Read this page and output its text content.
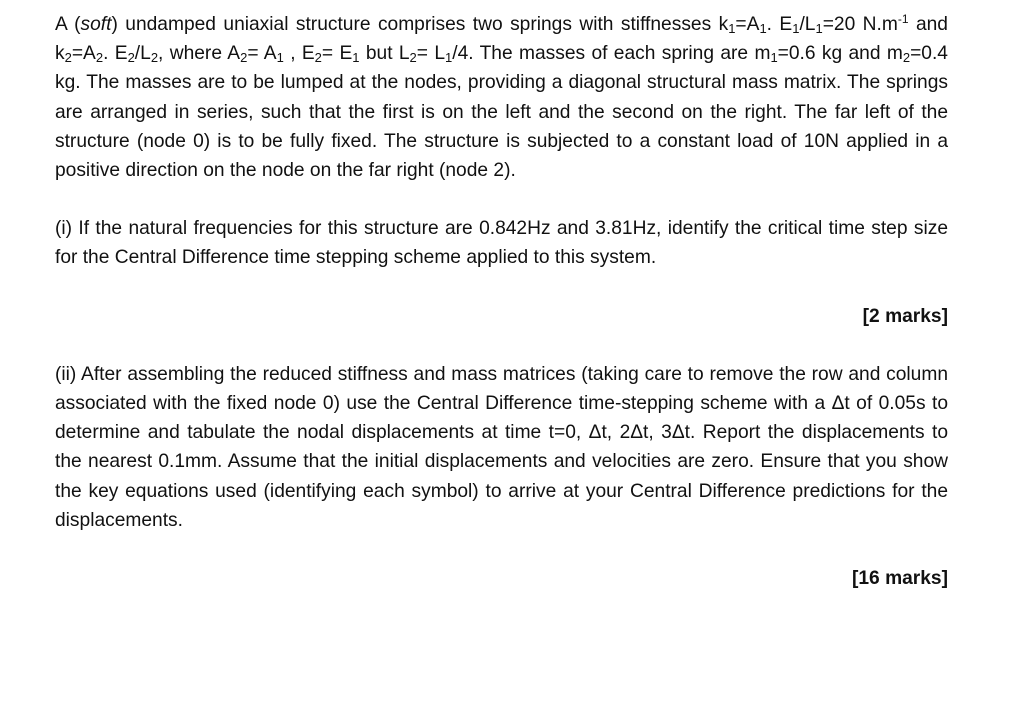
A (soft) undamped uniaxial structure comprises two springs with stiffnesses $k_1=A_1$. $E_1/L_1=20$ $N.m^{-1}$ and $k_2=A_2$. $E_2/L_2$, where $A_2= A_1$ , $E_2= E_1$ but $L_2= L_1/4$. The masses of each spring are $m_1=0.6$ kg and $m_2=0.4$ kg. The masses are to be lumped at the nodes, providing a diagonal structural mass matrix. The springs are arranged in series, such that the first is on the left and the second on the right. The far left of the structure (node 0) is to be fully fixed. The structure is subjected to a constant load of 10N applied in a positive direction on the node on the far right (node 2).

(i) If the natural frequencies for this structure are 0.842Hz and 3.81Hz, identify the critical time step size for the Central Difference time stepping scheme applied to this system.

[2 marks]

(ii) After assembling the reduced stiffness and mass matrices (taking care to remove the row and column associated with the fixed node 0) use the Central Difference time-stepping scheme with a Δt of 0.05s to determine and tabulate the nodal displacements at time t=0, Δt, 2Δt, 3Δt. Report the displacements to the nearest 0.1mm. Assume that the initial displacements and velocities are zero. Ensure that you show the key equations used (identifying each symbol) to arrive at your Central Difference predictions for the displacements.

[16 marks]
